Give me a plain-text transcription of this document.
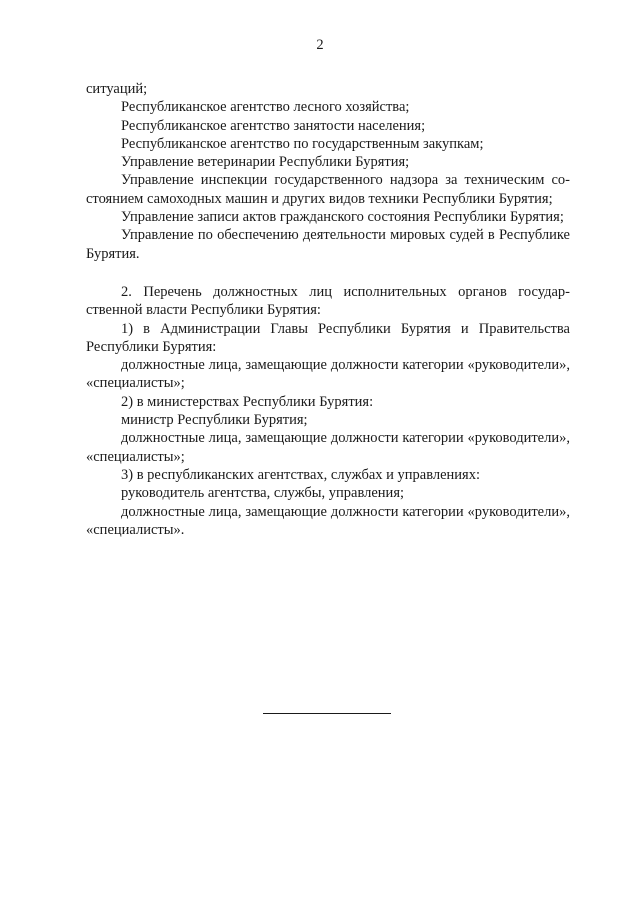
2

ситуаций;

Республиканское агентство лесного хозяйства;

Республиканское агентство занятости населения;

Республиканское агентство по государственным закупкам;

Управление ветеринарии Республики Бурятия;

Управление инспекции государственного надзора за техническим состоянием самоходных машин и других видов техники Республики Бурятия;

Управление записи актов гражданского состояния Республики Бурятия;

Управление по обеспечению деятельности мировых судей в Республике Бурятия.

2. Перечень должностных лиц исполнительных органов государственной власти Республики Бурятия:

1) в Администрации Главы Республики Бурятия и Правительства Республики Бурятия:

должностные лица, замещающие должности категории «руководители», «специалисты»;

2) в министерствах Республики Бурятия:

министр Республики Бурятия;

должностные лица, замещающие должности категории «руководители», «специалисты»;

3) в республиканских агентствах, службах и управлениях:

руководитель агентства, службы, управления;

должностные лица, замещающие должности категории «руководители», «специалисты».
